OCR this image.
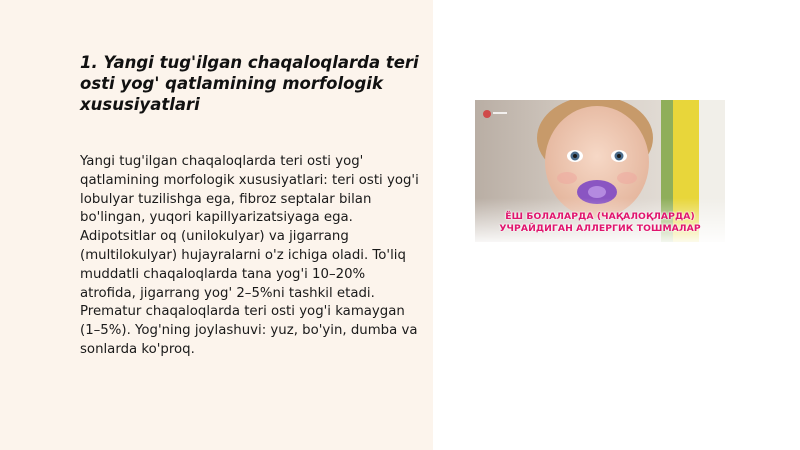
1. Yangi tug'ilgan chaqaloqlarda teri osti yog' qatlamining morfologik xususiyatlari

Yangi tug'ilgan chaqaloqlarda teri osti yog' qatlamining morfologik xususiyatlari: teri osti yog'i lobulyar tuzilishga ega, fibroz septalar bilan bo'lingan, yuqori kapillyarizatsiyaga ega. Adipotsitlar oq (unilokulyar) va jigarrang (multilokulyar) hujayralarni o'z ichiga oladi. To'liq muddatli chaqaloqlarda tana yog'i 10–20% atrofida, jigarrang yog' 2–5%ni tashkil etadi. Prematur chaqaloqlarda teri osti yog'i kamaygan (1–5%). Yog'ning joylashuvi: yuz, bo'yin, dumba va sonlarda ko'proq.

ЁШ БОЛАЛАРДА (ЧАҚАЛОҚЛАРДА)
УЧРАЙДИГАН АЛЛЕРГИК ТОШМАЛАР
